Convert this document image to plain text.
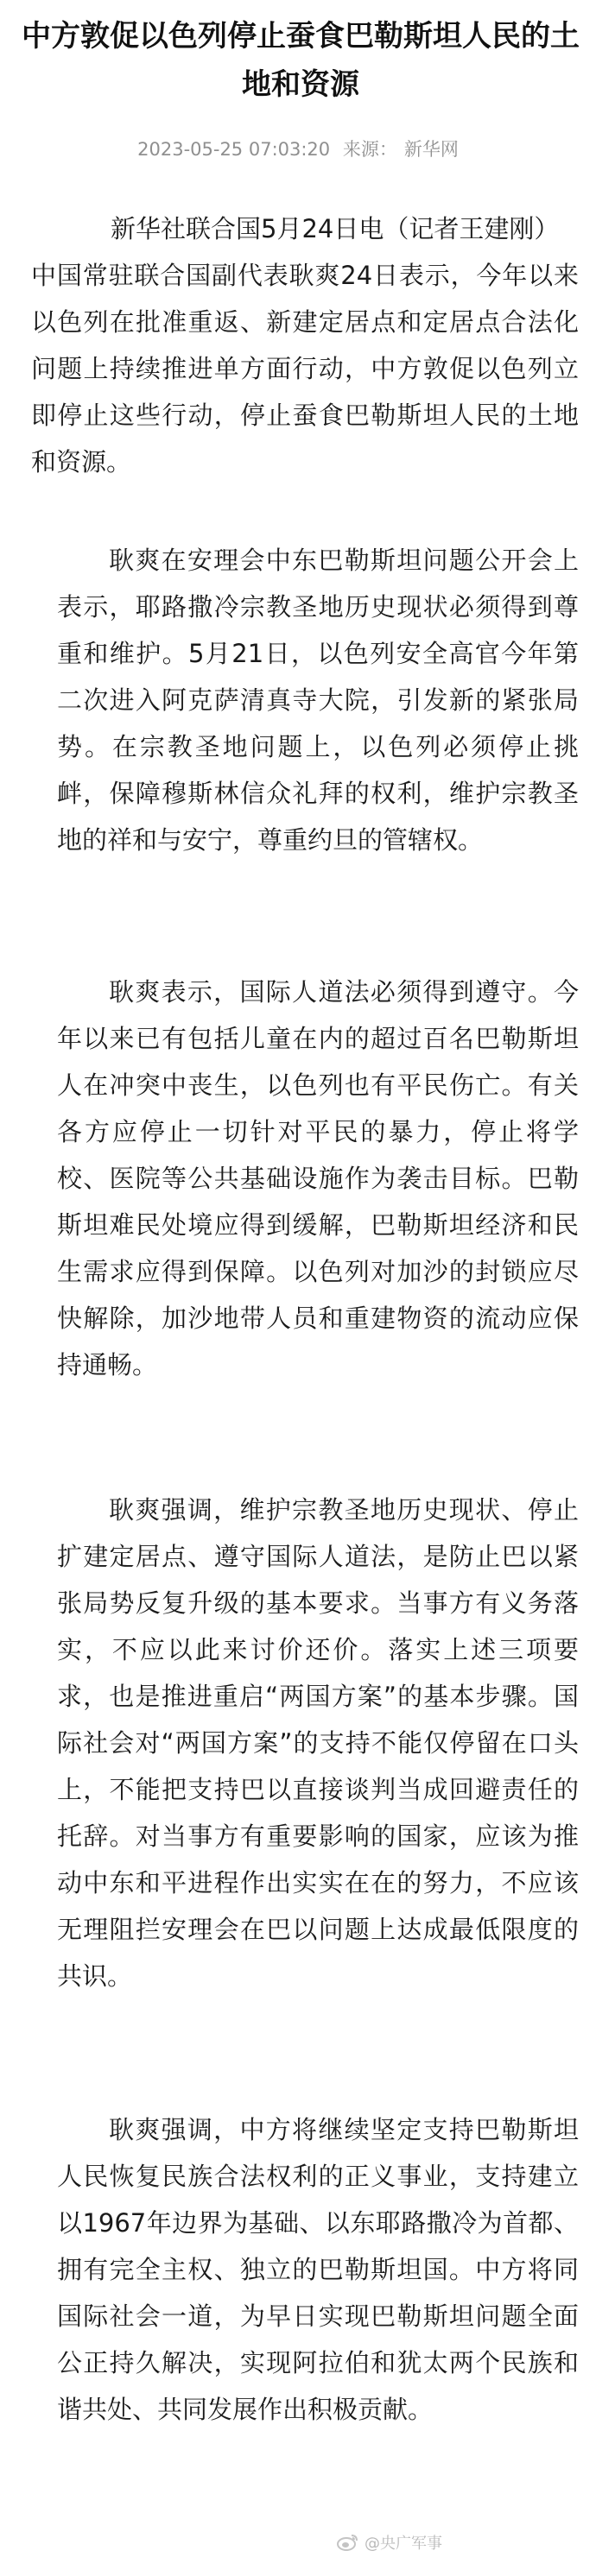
中方敦促以色列停止蚕食巴勒斯坦人民的土地和资源
2023-05-25 07:03:20 来源： 新华网

新华社联合国5月24日电（记者王建刚）
中国常驻联合国副代表耿爽24日表示，今年以来以色列在批准重返、新建定居点和定居点合法化问题上持续推进单方面行动，中方敦促以色列立即停止这些行动，停止蚕食巴勒斯坦人民的土地和资源。

耿爽在安理会中东巴勒斯坦问题公开会上表示，耶路撒冷宗教圣地历史现状必须得到尊重和维护。5月21日，以色列安全高官今年第二次进入阿克萨清真寺大院，引发新的紧张局势。在宗教圣地问题上，以色列必须停止挑衅，保障穆斯林信众礼拜的权利，维护宗教圣地的祥和与安宁，尊重约旦的管辖权。

耿爽表示，国际人道法必须得到遵守。今年以来已有包括儿童在内的超过百名巴勒斯坦人在冲突中丧生，以色列也有平民伤亡。有关各方应停止一切针对平民的暴力，停止将学校、医院等公共基础设施作为袭击目标。巴勒斯坦难民处境应得到缓解，巴勒斯坦经济和民生需求应得到保障。以色列对加沙的封锁应尽快解除，加沙地带人员和重建物资的流动应保持通畅。

耿爽强调，维护宗教圣地历史现状、停止扩建定居点、遵守国际人道法，是防止巴以紧张局势反复升级的基本要求。当事方有义务落实，不应以此来讨价还价。落实上述三项要求，也是推进重启“两国方案”的基本步骤。国际社会对“两国方案”的支持不能仅停留在口头上，不能把支持巴以直接谈判当成回避责任的托辞。对当事方有重要影响的国家，应该为推动中东和平进程作出实实在在的努力，不应该无理阻拦安理会在巴以问题上达成最低限度的共识。

耿爽强调，中方将继续坚定支持巴勒斯坦人民恢复民族合法权利的正义事业，支持建立以1967年边界为基础、以东耶路撒冷为首都、拥有完全主权、独立的巴勒斯坦国。中方将同国际社会一道，为早日实现巴勒斯坦问题全面公正持久解决，实现阿拉伯和犹太两个民族和谐共处、共同发展作出积极贡献。

@央广军事
